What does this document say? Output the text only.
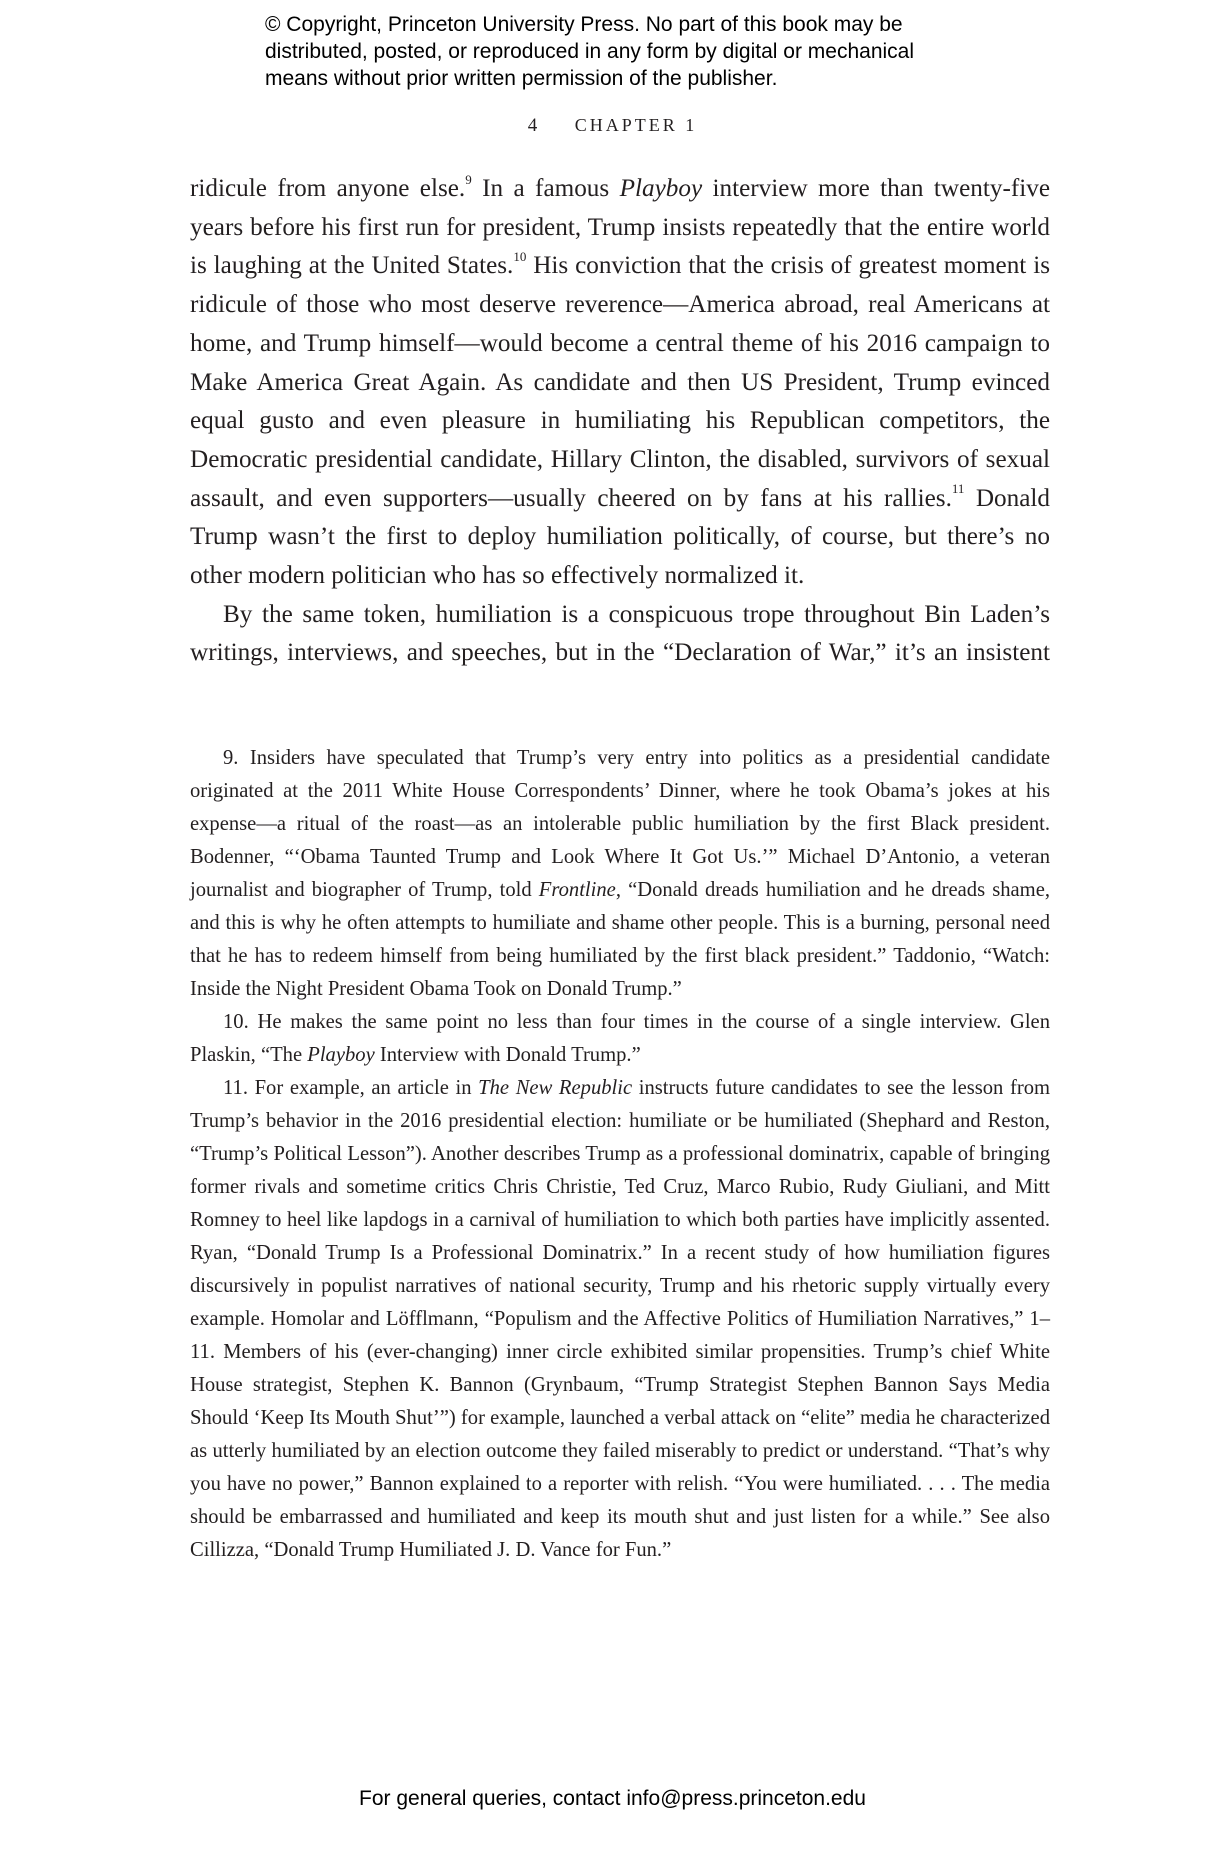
© Copyright, Princeton University Press. No part of this book may be
distributed, posted, or reproduced in any form by digital or mechanical
means without prior written permission of the publisher.
4 CHAPTER 1

ridicule from anyone else.$^9$ In a famous Playboy interview more than twenty-five years before his first run for president, Trump insists repeatedly that the entire world is laughing at the United States.$^{10}$ His conviction that the crisis of greatest moment is ridicule of those who most deserve reverence—America abroad, real Americans at home, and Trump himself—would become a central theme of his 2016 campaign to Make America Great Again. As candidate and then US President, Trump evinced equal gusto and even pleasure in humiliating his Republican competitors, the Democratic presidential candidate, Hillary Clinton, the disabled, survivors of sexual assault, and even supporters—usually cheered on by fans at his rallies.$^{11}$ Donald Trump wasn’t the first to deploy humiliation politically, of course, but there’s no other modern politician who has so effectively normalized it.

By the same token, humiliation is a conspicuous trope throughout Bin Laden’s writings, interviews, and speeches, but in the “Declaration of War,” it’s an insistent

9. Insiders have speculated that Trump’s very entry into politics as a presidential candidate originated at the 2011 White House Correspondents’ Dinner, where he took Obama’s jokes at his expense—a ritual of the roast—as an intolerable public humiliation by the first Black president. Bodenner, “‘Obama Taunted Trump and Look Where It Got Us.’” Michael D’Antonio, a veteran journalist and biographer of Trump, told Frontline, “Donald dreads humiliation and he dreads shame, and this is why he often attempts to humiliate and shame other people. This is a burning, personal need that he has to redeem himself from being humiliated by the first black president.” Taddonio, “Watch: Inside the Night President Obama Took on Donald Trump.”

10. He makes the same point no less than four times in the course of a single interview. Glen Plaskin, “The Playboy Interview with Donald Trump.”

11. For example, an article in The New Republic instructs future candidates to see the lesson from Trump’s behavior in the 2016 presidential election: humiliate or be humiliated (Shephard and Reston, “Trump’s Political Lesson”). Another describes Trump as a professional dominatrix, capable of bringing former rivals and sometime critics Chris Christie, Ted Cruz, Marco Rubio, Rudy Giuliani, and Mitt Romney to heel like lapdogs in a carnival of humiliation to which both parties have implicitly assented. Ryan, “Donald Trump Is a Professional Dominatrix.” In a recent study of how humiliation figures discursively in populist narratives of national security, Trump and his rhetoric supply virtually every example. Homolar and Löfflmann, “Populism and the Affective Politics of Humiliation Narratives,” 1–11. Members of his (ever-changing) inner circle exhibited similar propensities. Trump’s chief White House strategist, Stephen K. Bannon (Grynbaum, “Trump Strategist Stephen Bannon Says Media Should ‘Keep Its Mouth Shut’”) for example, launched a verbal attack on “elite” media he characterized as utterly humiliated by an election outcome they failed miserably to predict or understand. “That’s why you have no power,” Bannon explained to a reporter with relish. “You were humiliated. . . . The media should be embarrassed and humiliated and keep its mouth shut and just listen for a while.” See also Cillizza, “Donald Trump Humiliated J. D. Vance for Fun.”

For general queries, contact info@press.princeton.edu
